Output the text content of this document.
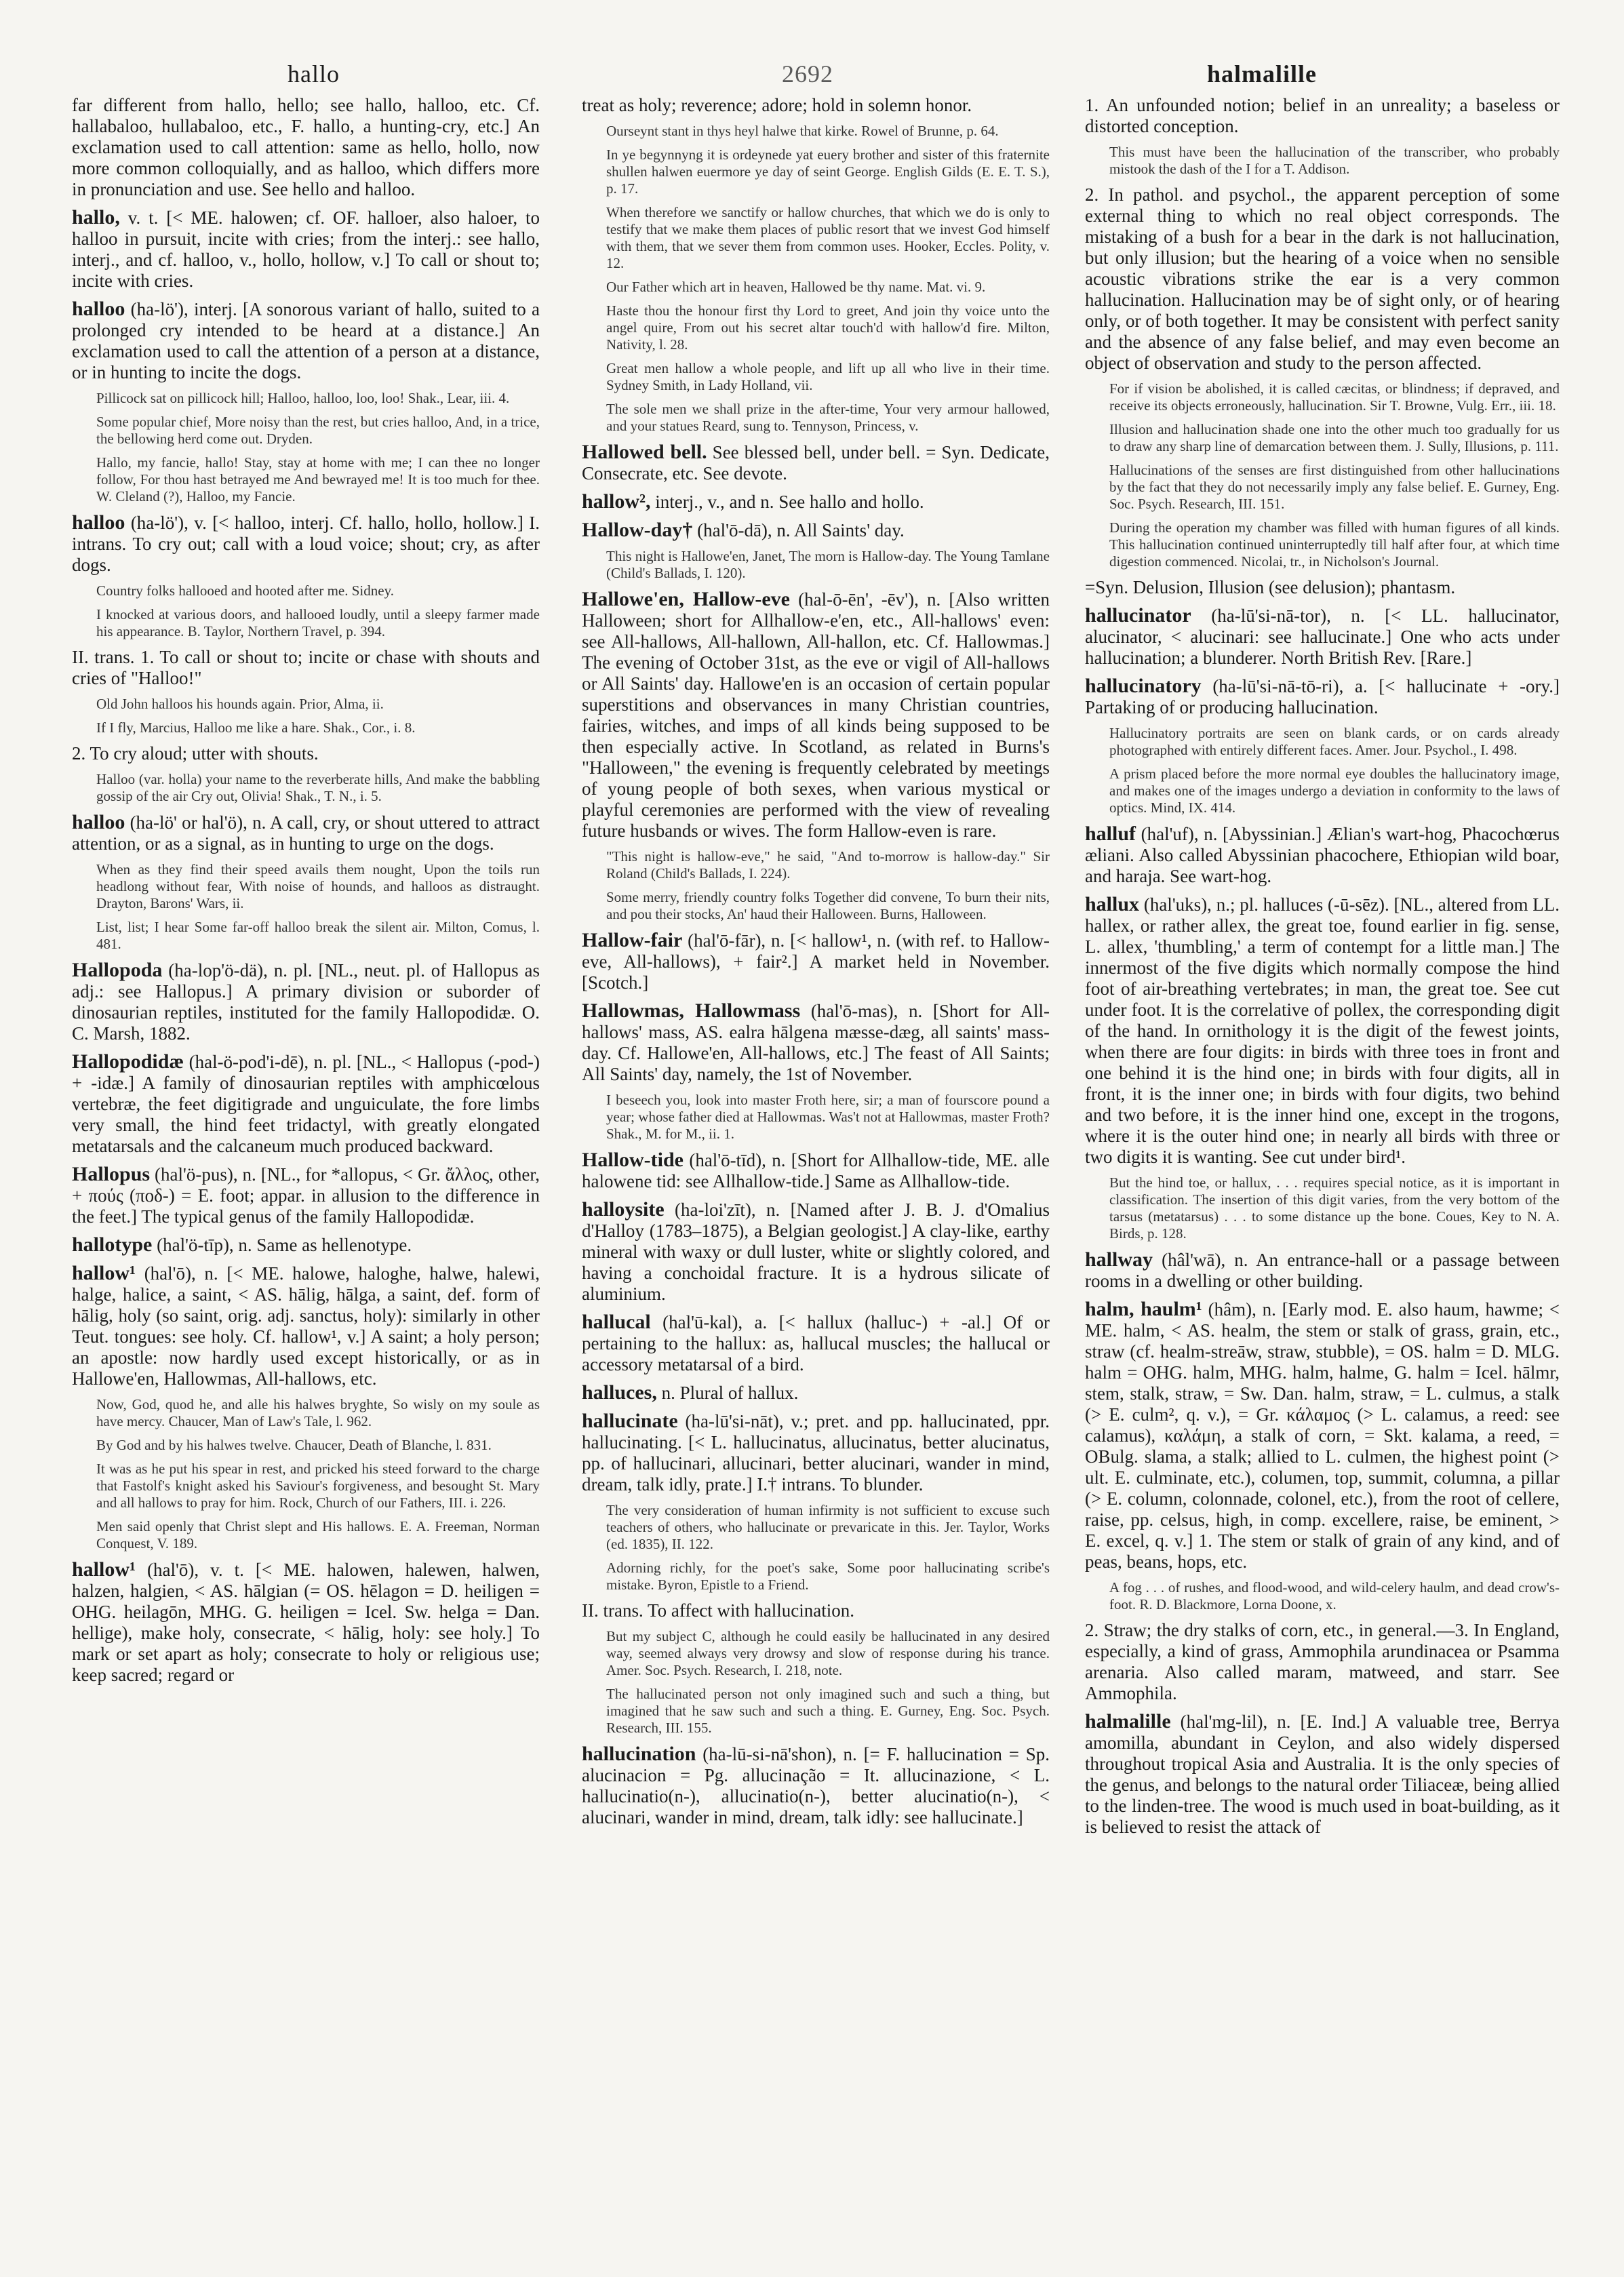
hallo	2692	halmalille
far different from hallo, hello; see hallo, halloo, etc. Cf. hallabaloo, hullabaloo, etc., F. hallo, a hunting-cry, etc.] An exclamation used to call attention: same as hello, hollo, now more common colloquially, and as halloo, which differs more in pronunciation and use. See hello and halloo.
hallo, v. t. [< ME. halowen; cf. OF. halloer, also haloer, to halloo in pursuit, incite with cries; from the interj.: see hallo, interj., and cf. halloo, v., hollo, hollow, v.] To call or shout to; incite with cries.
halloo (ha-lö'), interj. [A sonorous variant of hallo, suited to a prolonged cry intended to be heard at a distance.] An exclamation used to call the attention of a person at a distance, or in hunting to incite the dogs.
Pillicock sat on pillicock hill; Halloo, halloo, loo, loo! Shak., Lear, iii. 4.
Some popular chief, More noisy than the rest, but cries halloo, And, in a trice, the bellowing herd come out. Dryden.
Hallo, my fancie, hallo! Stay, stay at home with me; I can thee no longer follow, For thou hast betrayed me And bewrayed me! It is too much for thee. W. Cleland (?), Halloo, my Fancie.
halloo (ha-lö'), v. [< halloo, interj. Cf. hallo, hollo, hollow.] I. intrans. To cry out; call with a loud voice; shout; cry, as after dogs.
Country folks hallooed and hooted after me. Sidney.
I knocked at various doors, and hallooed loudly, until a sleepy farmer made his appearance. B. Taylor, Northern Travel, p. 394.
II. trans. 1. To call or shout to; incite or chase with shouts and cries of "Halloo!"
Old John halloos his hounds again. Prior, Alma, ii.
If I fly, Marcius, Halloo me like a hare. Shak., Cor., i. 8.
2. To cry aloud; utter with shouts.
Halloo (var. holla) your name to the reverberate hills, And make the babbling gossip of the air Cry out, Olivia! Shak., T. N., i. 5.
halloo (ha-lö' or hal'ö), n. A call, cry, or shout uttered to attract attention, or as a signal, as in hunting to urge on the dogs.
When as they find their speed avails them nought, Upon the toils run headlong without fear, With noise of hounds, and halloos as distraught. Drayton, Barons' Wars, ii.
List, list; I hear Some far-off halloo break the silent air. Milton, Comus, l. 481.
Hallopoda (ha-lop'ö-dä), n. pl. [NL., neut. pl. of Hallopus as adj.: see Hallopus.] A primary division or suborder of dinosaurian reptiles, instituted for the family Hallopodidæ. O. C. Marsh, 1882.
Hallopodidæ (hal-ö-pod'i-dē), n. pl. [NL., < Hallopus (-pod-) + -idæ.] A family of dinosaurian reptiles with amphicœlous vertebræ, the feet digitigrade and unguiculate, the fore limbs very small, the hind feet tridactyl, with greatly elongated metatarsals and the calcaneum much produced backward.
Hallopus (hal'ö-pus), n. [NL., for *allopus, < Gr. ἄλλος, other, + πούς (ποδ-) = E. foot; appar. in allusion to the difference in the feet.] The typical genus of the family Hallopodidæ.
hallotype (hal'ö-tīp), n. Same as hellenotype.
hallow¹ (hal'ō), n. [< ME. halowe, haloghe, halwe, halewi, halge, halice, a saint, < AS. hālig, hālga, a saint, def. form of hālig, holy (so saint, orig. adj. sanctus, holy): similarly in other Teut. tongues: see holy. Cf. hallow¹, v.] A saint; a holy person; an apostle: now hardly used except historically, or as in Hallowe'en, Hallowmas, All-hallows, etc.
Now, God, quod he, and alle his halwes bryghte, So wisly on my soule as have mercy. Chaucer, Man of Law's Tale, l. 962.
By God and by his halwes twelve. Chaucer, Death of Blanche, l. 831.
It was as he put his spear in rest, and pricked his steed forward to the charge that Fastolf's knight asked his Saviour's forgiveness, and besought St. Mary and all hallows to pray for him. Rock, Church of our Fathers, III. i. 226.
Men said openly that Christ slept and His hallows. E. A. Freeman, Norman Conquest, V. 189.
hallow¹ (hal'ō), v. t. [< ME. halowen, halewen, halwen, halzen, halgien, < AS. hālgian (= OS. hēlagon = D. heiligen = OHG. heilagōn, MHG. G. heiligen = Icel. Sw. helga = Dan. hellige), make holy, consecrate, < hālig, holy: see holy.] To mark or set apart as holy; consecrate to holy or religious use; keep sacred; regard or
treat as holy; reverence; adore; hold in solemn honor.
Ourseynt stant in thys heyl halwe that kirke. Rowel of Brunne, p. 64.
In ye begynnyng it is ordeynede yat euery brother and sister of this fraternite shullen halwen euermore ye day of seint George. English Gilds (E. E. T. S.), p. 17.
When therefore we sanctify or hallow churches, that which we do is only to testify that we make them places of public resort that we invest God himself with them, that we sever them from common uses. Hooker, Eccles. Polity, v. 12.
Our Father which art in heaven, Hallowed be thy name. Mat. vi. 9.
Haste thou the honour first thy Lord to greet, And join thy voice unto the angel quire, From out his secret altar touch'd with hallow'd fire. Milton, Nativity, l. 28.
Great men hallow a whole people, and lift up all who live in their time. Sydney Smith, in Lady Holland, vii.
The sole men we shall prize in the after-time, Your very armour hallowed, and your statues Reard, sung to. Tennyson, Princess, v.
Hallowed bell. See blessed bell, under bell. = Syn. Dedicate, Consecrate, etc. See devote.
hallow², interj., v., and n. See hallo and hollo.
Hallow-day† (hal'ō-dā), n. All Saints' day.
This night is Hallowe'en, Janet, The morn is Hallow-day. The Young Tamlane (Child's Ballads, I. 120).
Hallowe'en, Hallow-eve (hal-ō-ēn', -ēv'), n. [Also written Halloween; short for Allhallow-e'en, etc., All-hallows' even: see All-hallows, All-hallown, All-hallon, etc. Cf. Hallowmas.] The evening of October 31st, as the eve or vigil of All-hallows or All Saints' day. Hallowe'en is an occasion of certain popular superstitions and observances in many Christian countries, fairies, witches, and imps of all kinds being supposed to be then especially active. In Scotland, as related in Burns's "Halloween," the evening is frequently celebrated by meetings of young people of both sexes, when various mystical or playful ceremonies are performed with the view of revealing future husbands or wives. The form Hallow-even is rare.
"This night is hallow-eve," he said, "And to-morrow is hallow-day." Sir Roland (Child's Ballads, I. 224).
Some merry, friendly country folks Together did convene, To burn their nits, and pou their stocks, An' haud their Halloween. Burns, Halloween.
Hallow-fair (hal'ō-fār), n. [< hallow¹, n. (with ref. to Hallow-eve, All-hallows), + fair².] A market held in November. [Scotch.]
Hallowmas, Hallowmass (hal'ō-mas), n. [Short for All-hallows' mass, AS. ealra hālgena mæsse-dæg, all saints' mass-day. Cf. Hallowe'en, All-hallows, etc.] The feast of All Saints; All Saints' day, namely, the 1st of November.
I beseech you, look into master Froth here, sir; a man of fourscore pound a year; whose father died at Hallowmas. Was't not at Hallowmas, master Froth? Shak., M. for M., ii. 1.
Hallow-tide (hal'ō-tīd), n. [Short for Allhallow-tide, ME. alle halowene tid: see Allhallow-tide.] Same as Allhallow-tide.
halloysite (ha-loi'zīt), n. [Named after J. B. J. d'Omalius d'Halloy (1783–1875), a Belgian geologist.] A clay-like, earthy mineral with waxy or dull luster, white or slightly colored, and having a conchoidal fracture. It is a hydrous silicate of aluminium.
hallucal (hal'ū-kal), a. [< hallux (halluc-) + -al.] Of or pertaining to the hallux: as, hallucal muscles; the hallucal or accessory metatarsal of a bird.
halluces, n. Plural of hallux.
hallucinate (ha-lū'si-nāt), v.; pret. and pp. hallucinated, ppr. hallucinating. [< L. hallucinatus, allucinatus, better alucinatus, pp. of hallucinari, allucinari, better alucinari, wander in mind, dream, talk idly, prate.] I.† intrans. To blunder.
The very consideration of human infirmity is not sufficient to excuse such teachers of others, who hallucinate or prevaricate in this. Jer. Taylor, Works (ed. 1835), II. 122.
Adorning richly, for the poet's sake, Some poor hallucinating scribe's mistake. Byron, Epistle to a Friend.
II. trans. To affect with hallucination.
But my subject C, although he could easily be hallucinated in any desired way, seemed always very drowsy and slow of response during his trance. Amer. Soc. Psych. Research, I. 218, note.
The hallucinated person not only imagined such and such a thing, but imagined that he saw such and such a thing. E. Gurney, Eng. Soc. Psych. Research, III. 155.
hallucination (ha-lū-si-nā'shon), n. [= F. hallucination = Sp. alucinacion = Pg. allucinação = It. allucinazione, < L. hallucinatio(n-), allucinatio(n-), better alucinatio(n-), < alucinari, wander in mind, dream, talk idly: see hallucinate.]
1. An unfounded notion; belief in an unreality; a baseless or distorted conception.
This must have been the hallucination of the transcriber, who probably mistook the dash of the I for a T. Addison.
2. In pathol. and psychol., the apparent perception of some external thing to which no real object corresponds. The mistaking of a bush for a bear in the dark is not hallucination, but only illusion; but the hearing of a voice when no sensible acoustic vibrations strike the ear is a very common hallucination. Hallucination may be of sight only, or of hearing only, or of both together. It may be consistent with perfect sanity and the absence of any false belief, and may even become an object of observation and study to the person affected.
For if vision be abolished, it is called cæcitas, or blindness; if depraved, and receive its objects erroneously, hallucination. Sir T. Browne, Vulg. Err., iii. 18.
Illusion and hallucination shade one into the other much too gradually for us to draw any sharp line of demarcation between them. J. Sully, Illusions, p. 111.
Hallucinations of the senses are first distinguished from other hallucinations by the fact that they do not necessarily imply any false belief. E. Gurney, Eng. Soc. Psych. Research, III. 151.
During the operation my chamber was filled with human figures of all kinds. This hallucination continued uninterruptedly till half after four, at which time digestion commenced. Nicolai, tr., in Nicholson's Journal.
=Syn. Delusion, Illusion (see delusion); phantasm.
hallucinator (ha-lū'si-nā-tor), n. [< LL. hallucinator, alucinator, < alucinari: see hallucinate.] One who acts under hallucination; a blunderer. North British Rev. [Rare.]
hallucinatory (ha-lū'si-nā-tō-ri), a. [< hallucinate + -ory.] Partaking of or producing hallucination.
Hallucinatory portraits are seen on blank cards, or on cards already photographed with entirely different faces. Amer. Jour. Psychol., I. 498.
A prism placed before the more normal eye doubles the hallucinatory image, and makes one of the images undergo a deviation in conformity to the laws of optics. Mind, IX. 414.
halluf (hal'uf), n. [Abyssinian.] Ælian's wart-hog, Phacochœrus æliani. Also called Abyssinian phacochere, Ethiopian wild boar, and haraja. See wart-hog.
hallux (hal'uks), n.; pl. halluces (-ū-sēz). [NL., altered from LL. hallex, or rather allex, the great toe, found earlier in fig. sense, L. allex, 'thumbling,' a term of contempt for a little man.] The innermost of the five digits which normally compose the hind foot of air-breathing vertebrates; in man, the great toe. See cut under foot. It is the correlative of pollex, the corresponding digit of the hand. In ornithology it is the digit of the fewest joints, when there are four digits: in birds with three toes in front and one behind it is the hind one; in birds with four digits, all in front, it is the inner one; in birds with four digits, two behind and two before, it is the inner hind one, except in the trogons, where it is the outer hind one; in nearly all birds with three or two digits it is wanting. See cut under bird¹.
But the hind toe, or hallux, . . . requires special notice, as it is important in classification. The insertion of this digit varies, from the very bottom of the tarsus (metatarsus) . . . to some distance up the bone. Coues, Key to N. A. Birds, p. 128.
hallway (hâl'wā), n. An entrance-hall or a passage between rooms in a dwelling or other building.
halm, haulm¹ (hâm), n. [Early mod. E. also haum, hawme; < ME. halm, < AS. healm, the stem or stalk of grass, grain, etc., straw (cf. healm-streāw, straw, stubble), = OS. halm = D. MLG. halm = OHG. halm, MHG. halm, halme, G. halm = Icel. hālmr, stem, stalk, straw, = Sw. Dan. halm, straw, = L. culmus, a stalk (> E. culm², q. v.), = Gr. κάλαμος (> L. calamus, a reed: see calamus), καλάμη, a stalk of corn, = Skt. kalama, a reed, = OBulg. slama, a stalk; allied to L. culmen, the highest point (> ult. E. culminate, etc.), columen, top, summit, columna, a pillar (> E. column, colonnade, colonel, etc.), from the root of cellere, raise, pp. celsus, high, in comp. excellere, raise, be eminent, > E. excel, q. v.] 1. The stem or stalk of grain of any kind, and of peas, beans, hops, etc.
A fog . . . of rushes, and flood-wood, and wild-celery haulm, and dead crow's-foot. R. D. Blackmore, Lorna Doone, x.
2. Straw; the dry stalks of corn, etc., in general.—3. In England, especially, a kind of grass, Ammophila arundinacea or Psamma arenaria. Also called maram, matweed, and starr. See Ammophila.
halmalille (hal'mg-lil), n. [E. Ind.] A valuable tree, Berrya amomilla, abundant in Ceylon, and also widely dispersed throughout tropical Asia and Australia. It is the only species of the genus, and belongs to the natural order Tiliaceæ, being allied to the linden-tree. The wood is much used in boat-building, as it is believed to resist the attack of
